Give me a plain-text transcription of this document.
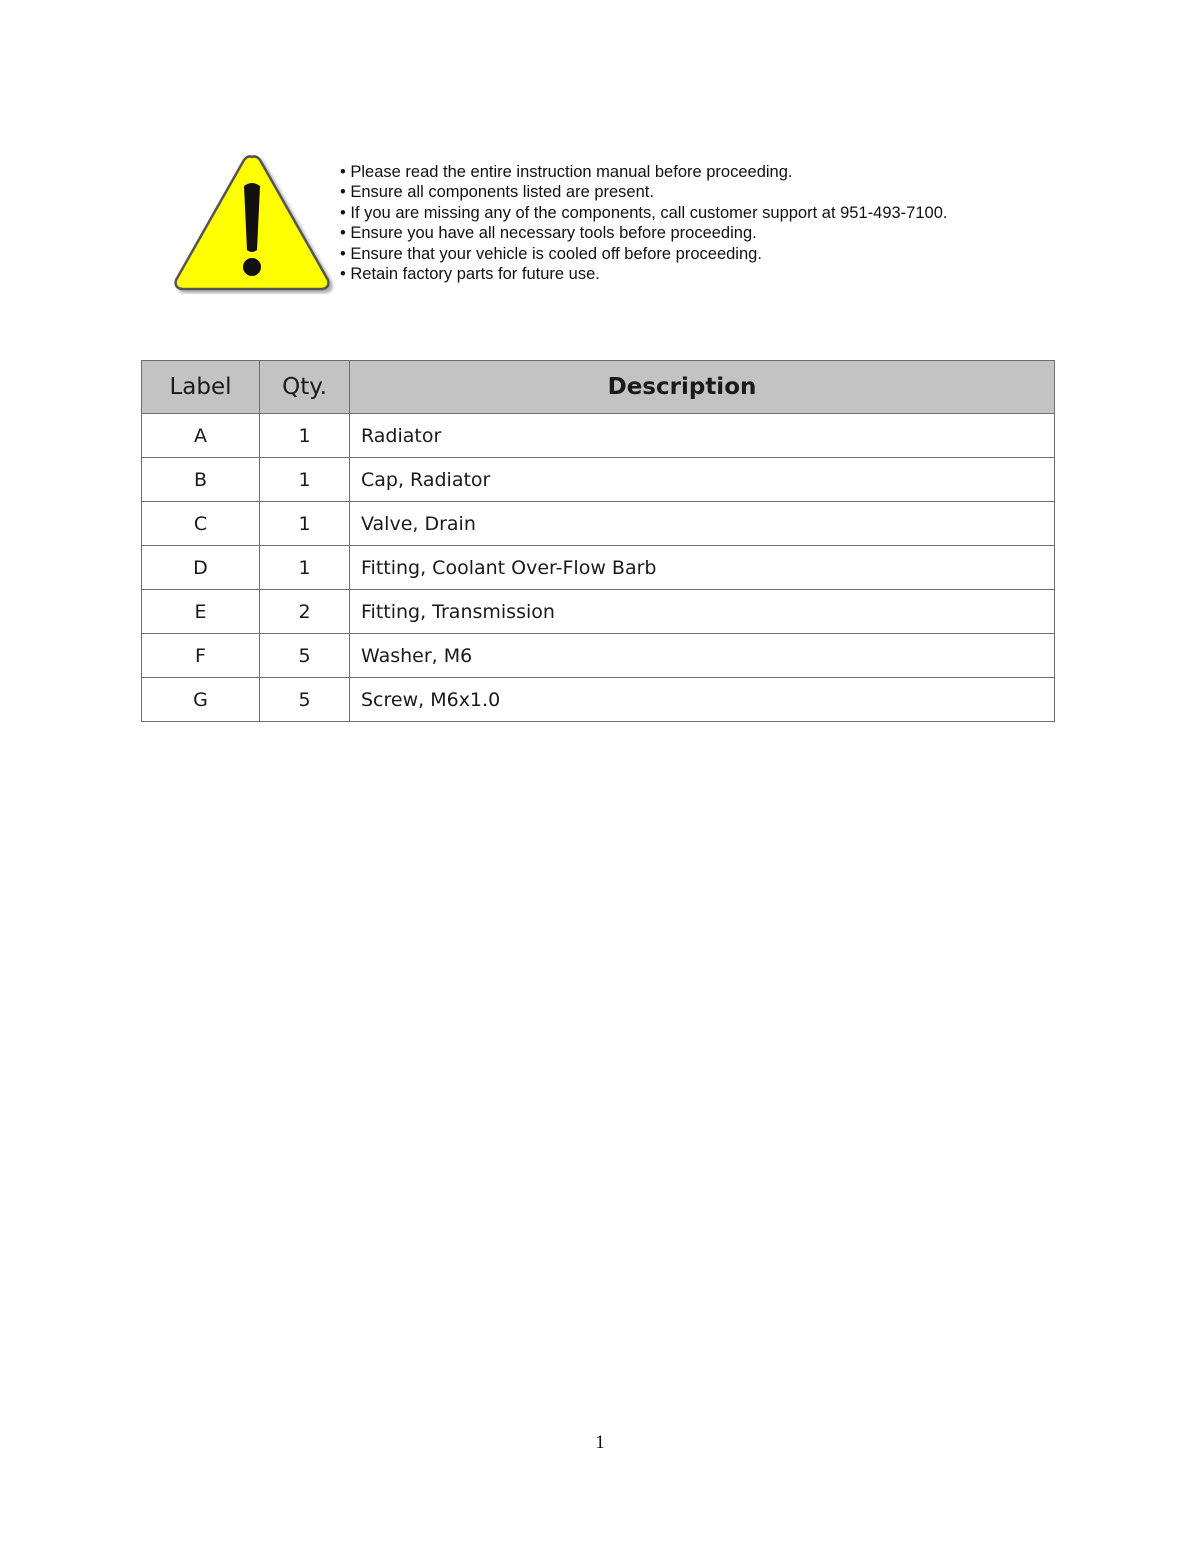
• Please read the entire instruction manual before proceeding.
• Ensure all components listed are present.
• If you are missing any of the components, call customer support at 951-493-7100.
• Ensure you have all necessary tools before proceeding.
• Ensure that your vehicle is cooled off before proceeding.
• Retain factory parts for future use.
Label	Qty.	Description
A	1	Radiator
B	1	Cap, Radiator
C	1	Valve, Drain
D	1	Fitting, Coolant Over-Flow Barb
E	2	Fitting, Transmission
F	5	Washer, M6
G	5	Screw, M6x1.0
1
